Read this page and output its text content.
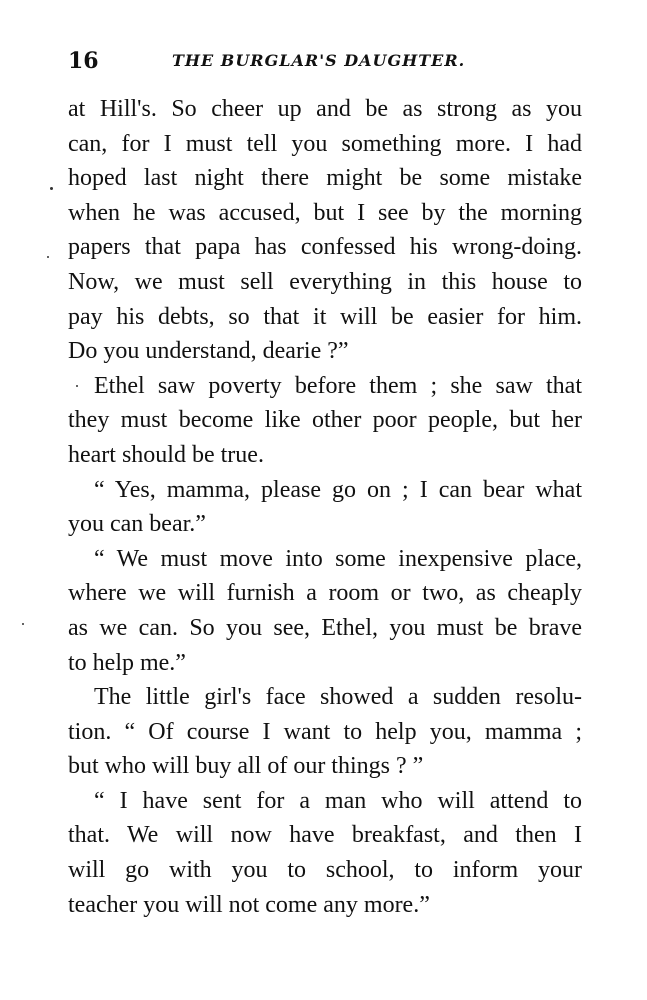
16	THE BURGLAR'S DAUGHTER.
at Hill's. So cheer up and be as strong as you
can, for I must tell you something more. I had
hoped last night there might be some mistake
when he was accused, but I see by the morning
papers that papa has confessed his wrong-doing.
Now, we must sell everything in this house to
pay his debts, so that it will be easier for him.
Do you understand, dearie ?”
Ethel saw poverty before them ; she saw that
they must become like other poor people, but her
heart should be true.
“ Yes, mamma, please go on ; I can bear what
you can bear.”
“ We must move into some inexpensive place,
where we will furnish a room or two, as cheaply
as we can. So you see, Ethel, you must be brave
to help me.”
The little girl's face showed a sudden resolu-
tion. “ Of course I want to help you, mamma ;
but who will buy all of our things ? ”
“ I have sent for a man who will attend to
that. We will now have breakfast, and then I
will go with you to school, to inform your
teacher you will not come any more.”
